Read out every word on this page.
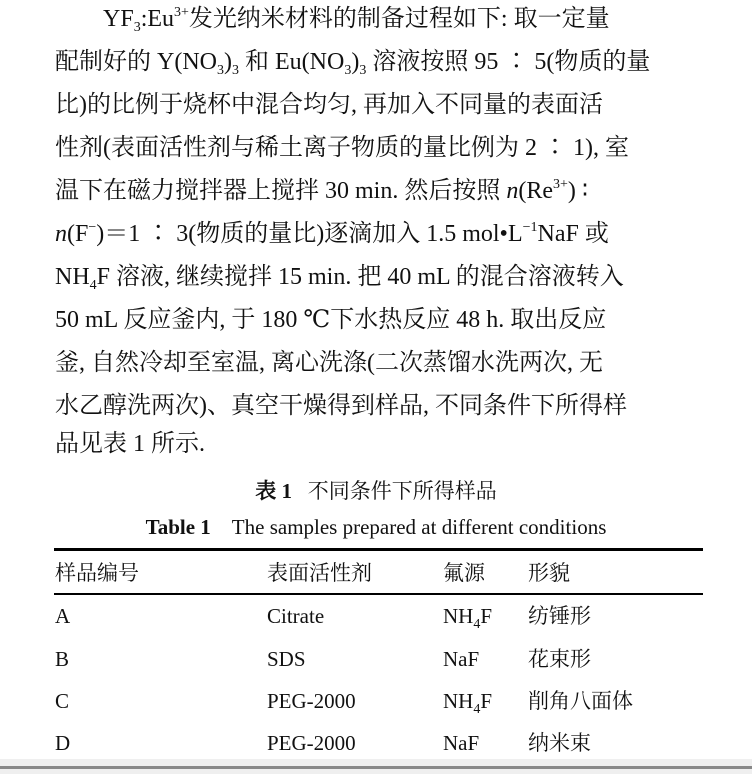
$YF_3:Eu^{3+}$发光纳米材料的制备过程如下: 取一定量
配制好的 $Y(NO_3)_3$ 和 $Eu(NO_3)_3$ 溶液按照 95 ∶ 5(物质的量
比)的比例于烧杯中混合均匀, 再加入不同量的表面活
性剂(表面活性剂与稀土离子物质的量比例为 2 ∶ 1), 室
温下在磁力搅拌器上搅拌 30 min. 然后按照 $n(Re^{3+})$ ∶
n(F−)＝1 ∶ 3(物质的量比)逐滴加入 1.5 $mol•L^{-1}NaF$ 或
$NH_4F$ 溶液, 继续搅拌 15 min. 把 40 mL 的混合溶液转入
50 mL 反应釜内, 于 180 ℃下水热反应 48 h. 取出反应
釜, 自然冷却至室温, 离心洗涤(二次蒸馏水洗两次, 无
水乙醇洗两次)、真空干燥得到样品, 不同条件下所得样
品见表 1 所示.
表 1 不同条件下所得样品
Table 1 The samples prepared at different conditions
样品编号	表面活性剂	氟源 形貌
A	Citrate	$NH_4F$ 纺锤形
B	SDS	NaF 花束形
C	PEG-2000	$NH_4F$ 削角八面体
D	PEG-2000	NaF 纳米束
